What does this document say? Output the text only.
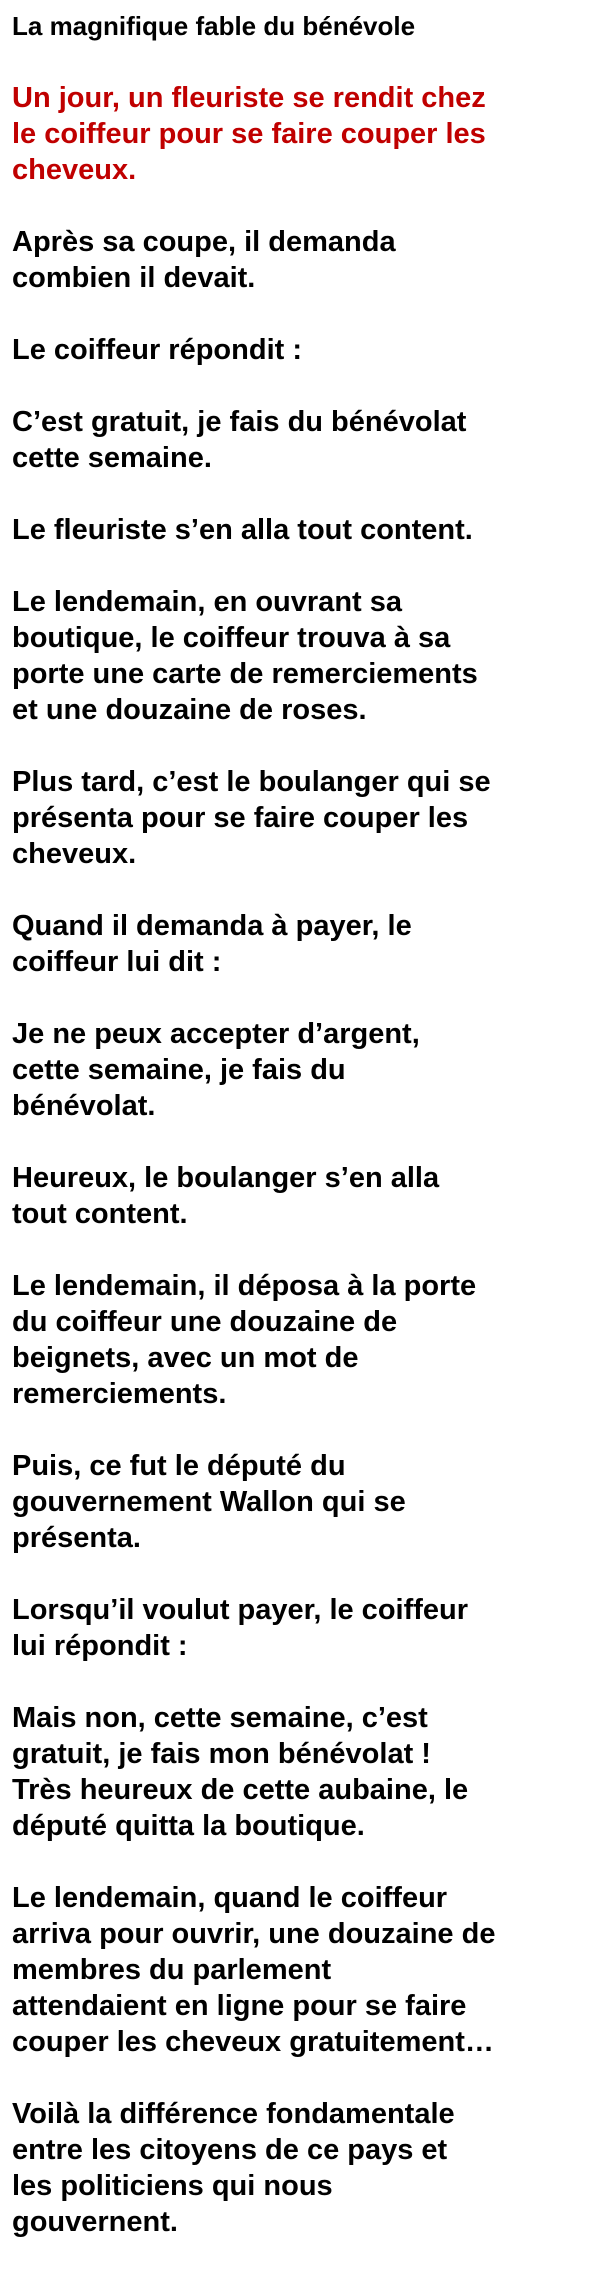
La magnifique fable du bénévole
Un jour, un fleuriste se rendit chez
le coiffeur pour se faire couper les
cheveux.
Après sa coupe, il demanda
combien il devait.
Le coiffeur répondit :
C’est gratuit, je fais du bénévolat
cette semaine.
Le fleuriste s’en alla tout content.
Le lendemain, en ouvrant sa
boutique, le coiffeur trouva à sa
porte une carte de remerciements
et une douzaine de roses.
Plus tard, c’est le boulanger qui se
présenta pour se faire couper les
cheveux.
Quand il demanda à payer, le
coiffeur lui dit :
Je ne peux accepter d’argent,
cette semaine, je fais du
bénévolat.
Heureux, le boulanger s’en alla
tout content.
Le lendemain, il déposa à la porte
du coiffeur une douzaine de
beignets, avec un mot de
remerciements.
Puis, ce fut le député du
gouvernement Wallon qui se
présenta.
Lorsqu’il voulut payer, le coiffeur
lui répondit :
Mais non, cette semaine, c’est
gratuit, je fais mon bénévolat !
Très heureux de cette aubaine, le
député quitta la boutique.
Le lendemain, quand le coiffeur
arriva pour ouvrir, une douzaine de
membres du parlement
attendaient en ligne pour se faire
couper les cheveux gratuitement…
Voilà la différence fondamentale
entre les citoyens de ce pays et
les politiciens qui nous
gouvernent.
